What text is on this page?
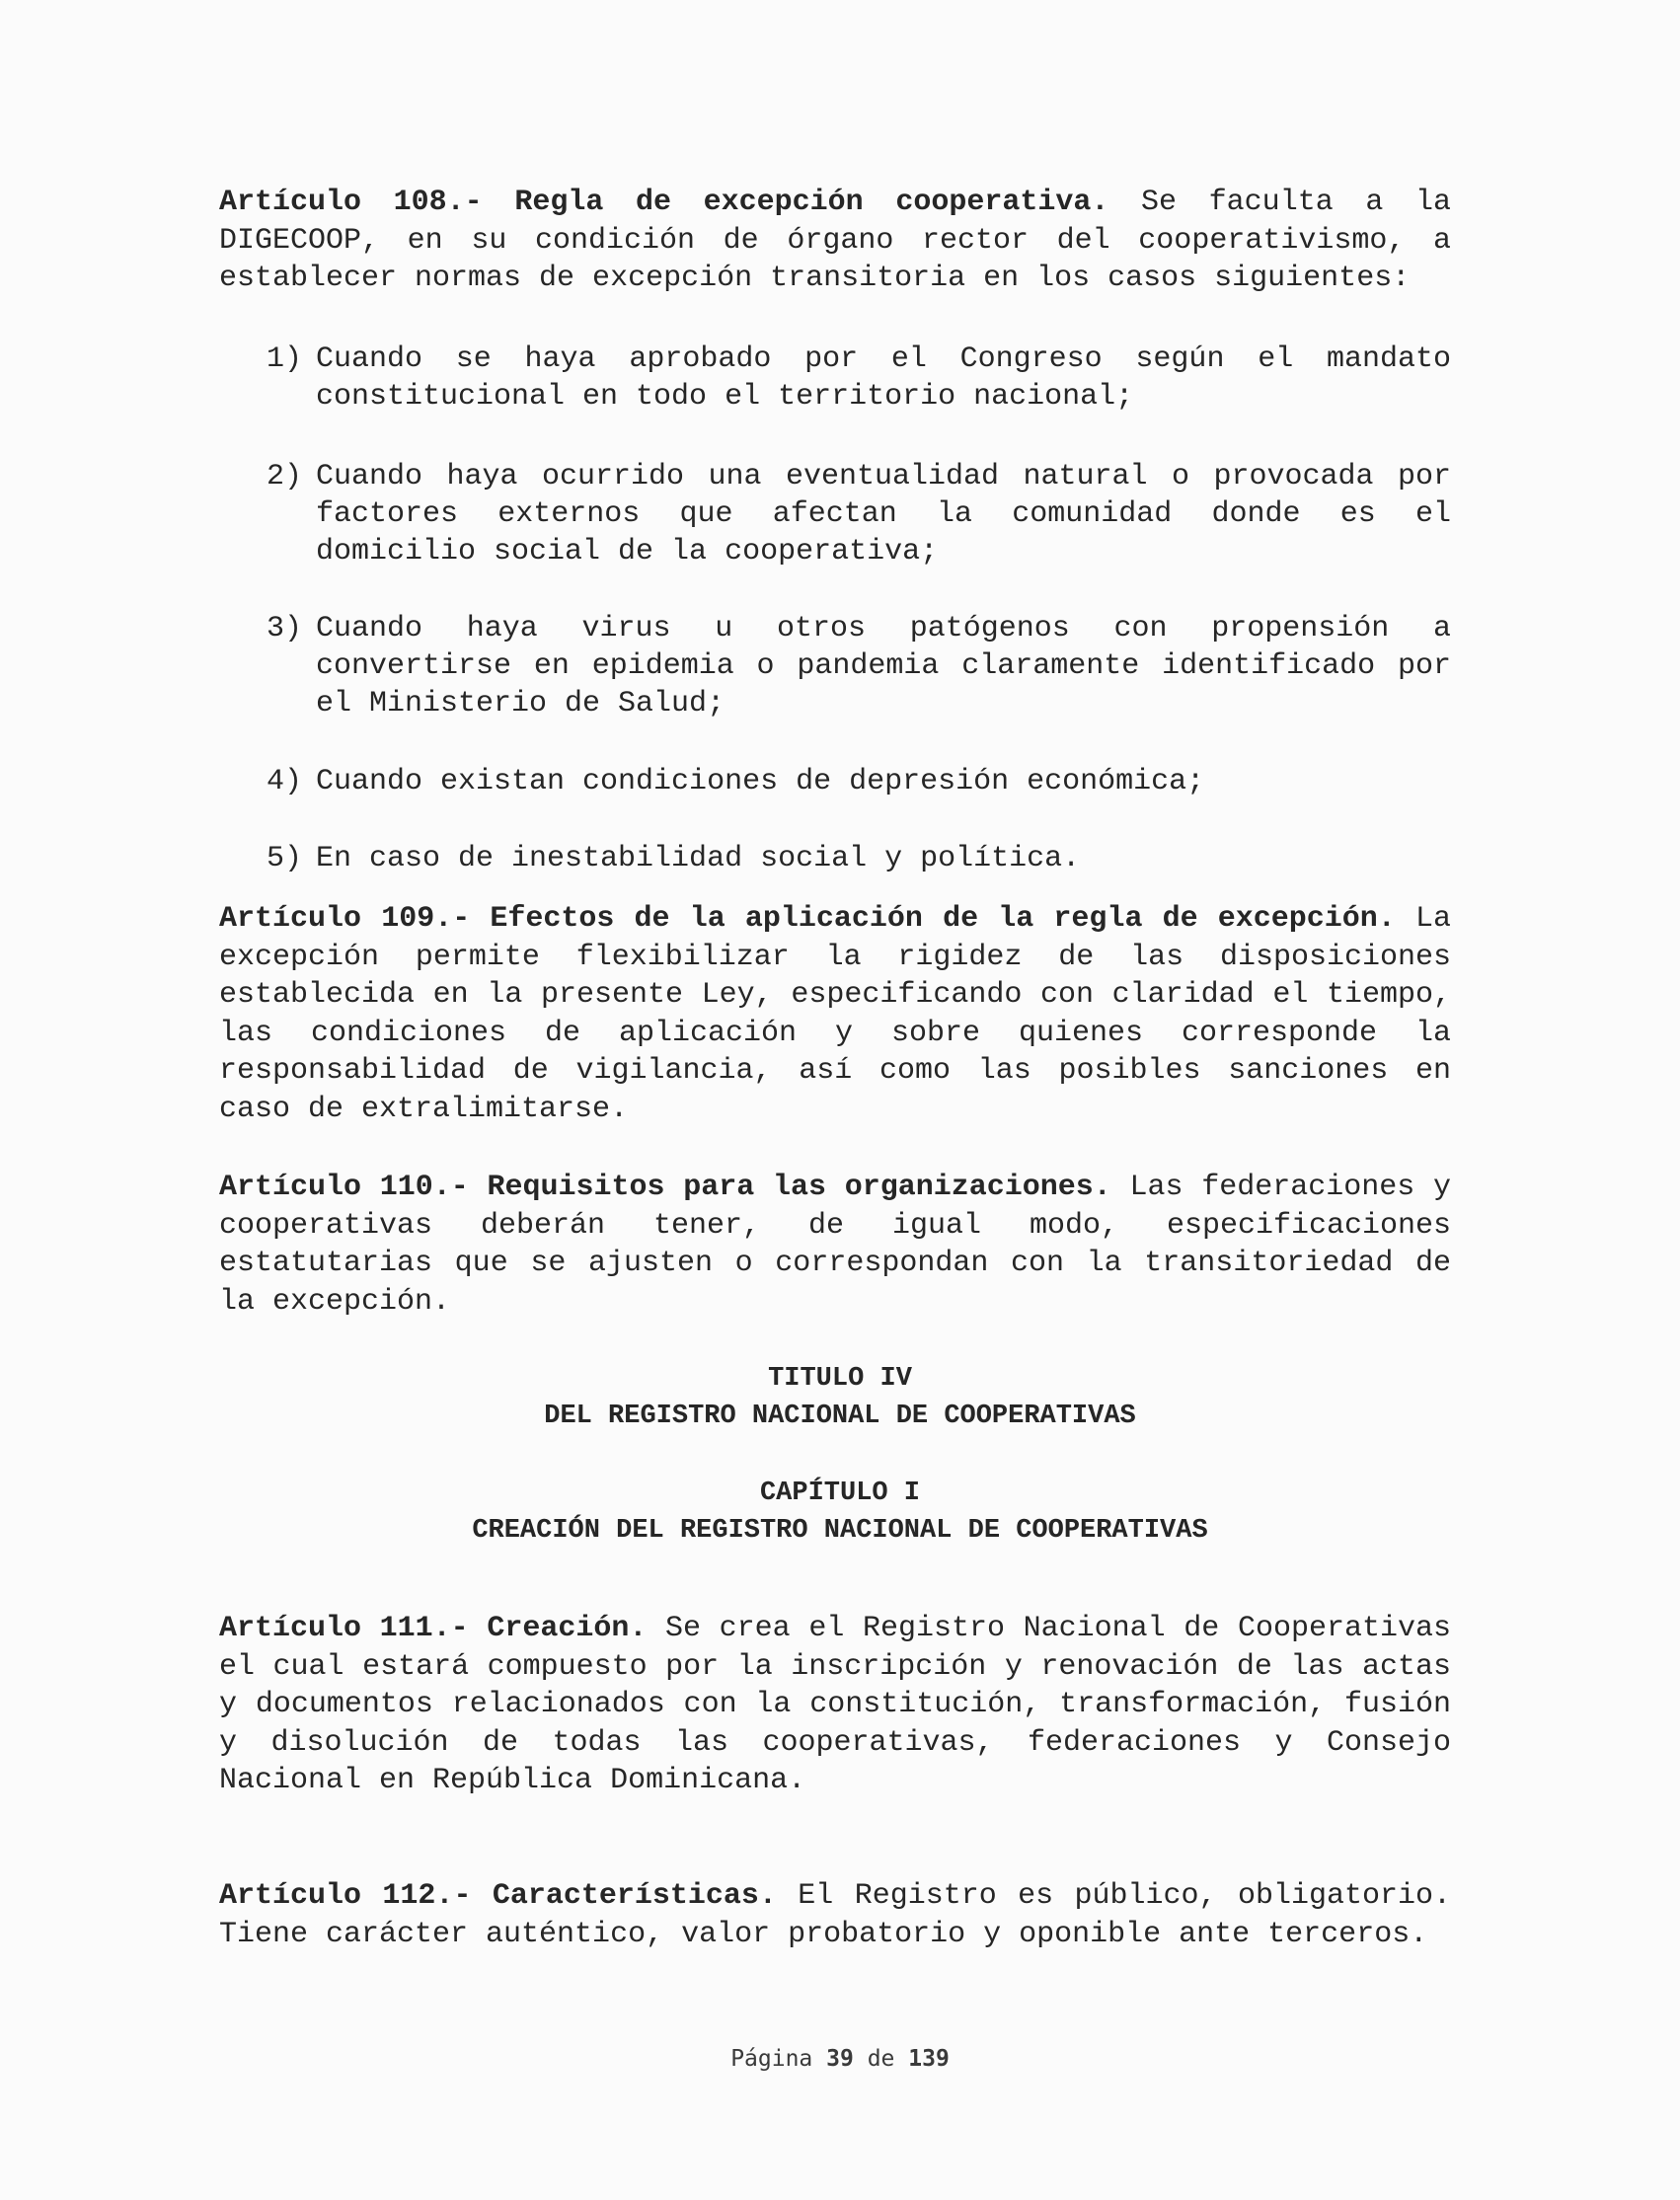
Artículo 108.- Regla de excepción cooperativa. Se faculta a la DIGECOOP, en su condición de órgano rector del cooperativismo, a establecer normas de excepción transitoria en los casos siguientes:
1) Cuando se haya aprobado por el Congreso según el mandato constitucional en todo el territorio nacional;
2) Cuando haya ocurrido una eventualidad natural o provocada por factores externos que afectan la comunidad donde es el domicilio social de la cooperativa;
3) Cuando haya virus u otros patógenos con propensión a convertirse en epidemia o pandemia claramente identificado por el Ministerio de Salud;
4) Cuando existan condiciones de depresión económica;
5) En caso de inestabilidad social y política.
Artículo 109.- Efectos de la aplicación de la regla de excepción. La excepción permite flexibilizar la rigidez de las disposiciones establecida en la presente Ley, especificando con claridad el tiempo, las condiciones de aplicación y sobre quienes corresponde la responsabilidad de vigilancia, así como las posibles sanciones en caso de extralimitarse.
Artículo 110.- Requisitos para las organizaciones. Las federaciones y cooperativas deberán tener, de igual modo, especificaciones estatutarias que se ajusten o correspondan con la transitoriedad de la excepción.
TITULO IV
DEL REGISTRO NACIONAL DE COOPERATIVAS
CAPÍTULO I
CREACIÓN DEL REGISTRO NACIONAL DE COOPERATIVAS
Artículo 111.- Creación. Se crea el Registro Nacional de Cooperativas el cual estará compuesto por la inscripción y renovación de las actas y documentos relacionados con la constitución, transformación, fusión y disolución de todas las cooperativas, federaciones y Consejo Nacional en República Dominicana.
Artículo 112.- Características. El Registro es público, obligatorio. Tiene carácter auténtico, valor probatorio y oponible ante terceros.
Página 39 de 139
